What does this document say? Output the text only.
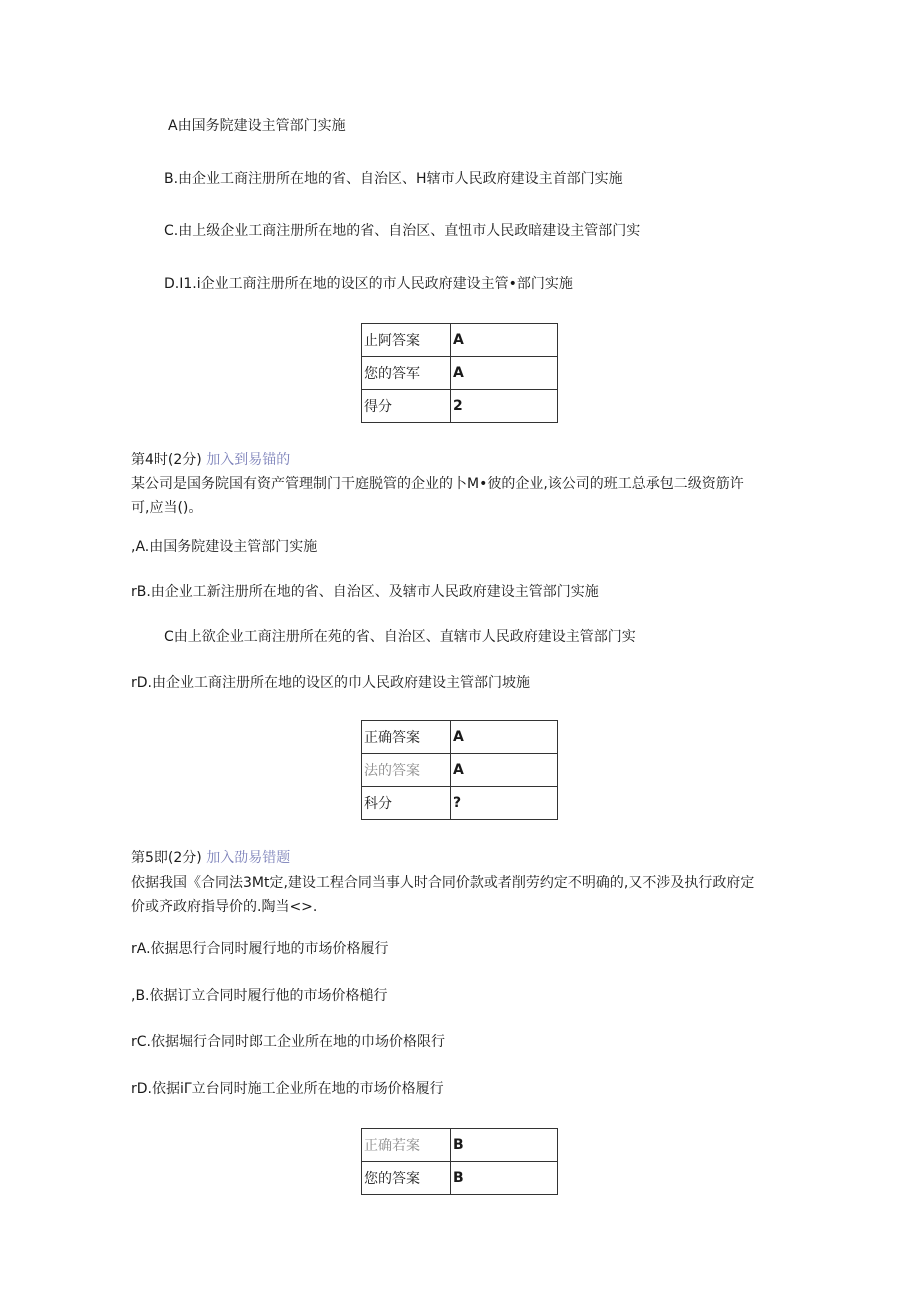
A由国务院建设主管部门实施
B.由企业工商注册所在地的省、自治区、H辖市人民政府建设主首部门实施
C.由上级企业工商注册所在地的省、自治区、直忸市人民政暗建设主管部门实
D.I1.i企业工商注册所在地的设区的市人民政府建设主管•部门实施
止阿答案	A
您的答军	A
得分	2
第4时(2分) 加入到易锚的
某公司是国务院国有资产管理制门干庭脱管的企业的卜M•彼的企业,该公司的班工总承包二级资筋许
可,应当()。
,A.由国务院建设主管部门实施
rB.由企业工新注册所在地的省、自治区、及辖市人民政府建设主管部门实施
C由上欲企业工商注册所在苑的省、自治区、直辖市人民政府建设主管部门实
rD.由企业工商注册所在地的设区的巾人民政府建设主管部门坡施
正确答案	A
法的答案	A
科分	?
第5即(2分) 加入劭易错题
依据我国《合同法3Mt定,建设工程合同当事人时合同价款或者削劳约定不明确的,又不涉及执行政府定
价或齐政府指导价的.陶当<>.
rA.依据思行合同时履行地的市场价格履行
,B.依据订立合同时履行他的市场价格槌行
rC.依据堀行合同时郎工企业所在地的巾场价格限行
rD.依据iΓ立台同时施工企业所在地的市场价格履行
正确若案	B
您的答案	B
